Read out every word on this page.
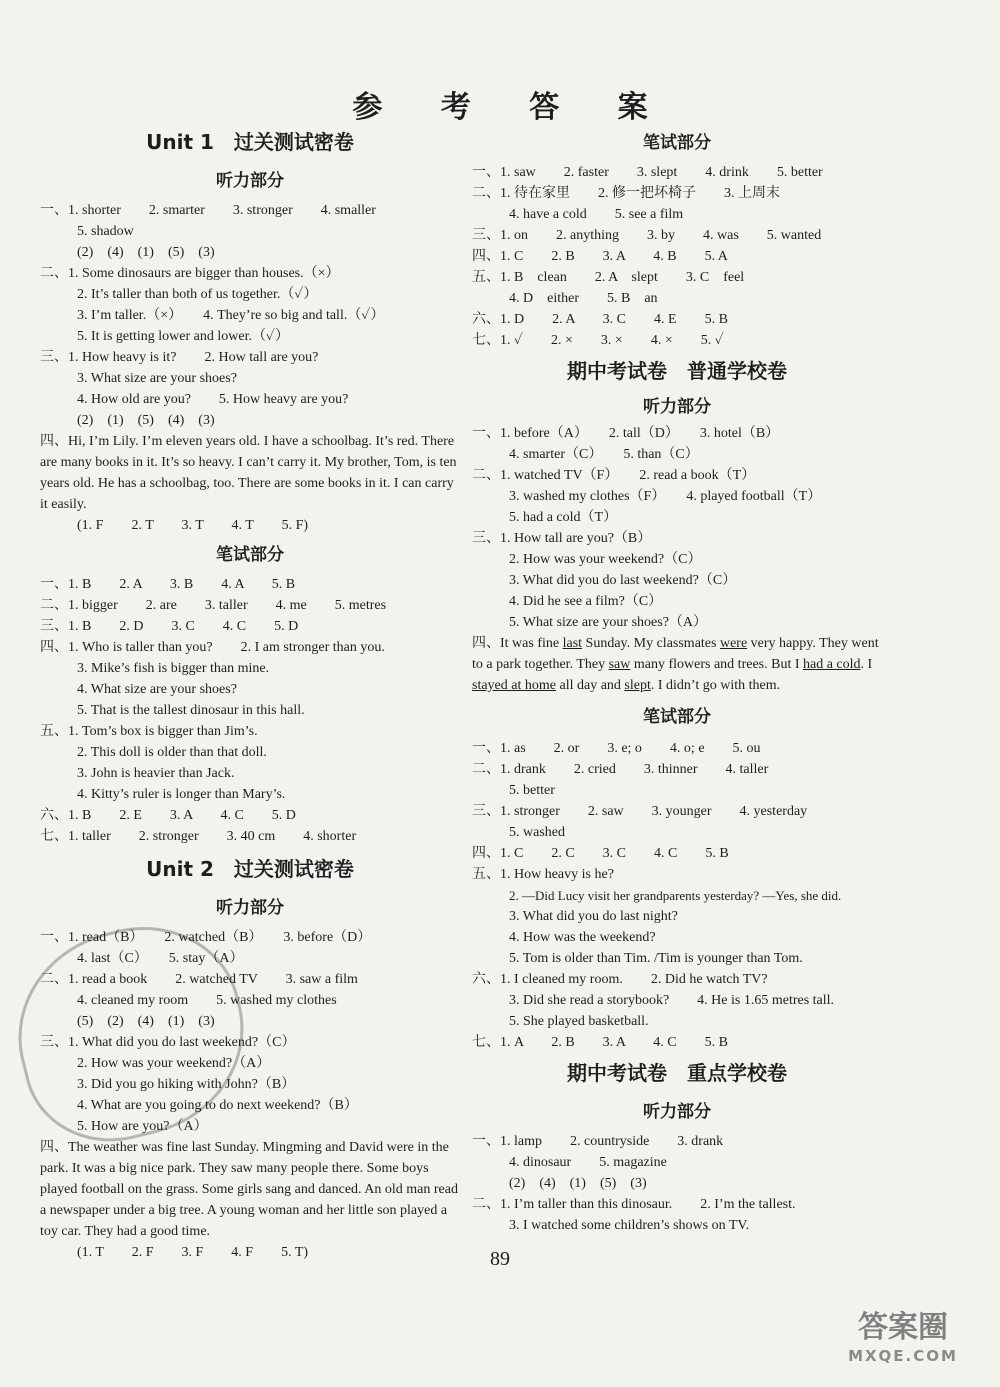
参 考 答 案
Unit 1　过关测试密卷
听力部分
一、1. shorter　　2. smarter　　3. stronger　　4. smaller
5. shadow
(2)　(4)　(1)　(5)　(3)
二、1. Some dinosaurs are bigger than houses.（×）
2. It’s taller than both of us together.（✓）
3. I’m taller.（×）　　4. They’re so big and tall.（✓）
5. It is getting lower and lower.（✓）
三、1. How heavy is it?　　2. How tall are you?
3. What size are your shoes?
4. How old are you?　　5. How heavy are you?
(2)　(1)　(5)　(4)　(3)
四、Hi, I’m Lily. I’m eleven years old. I have a schoolbag. It’s red. There are many books in it. It’s so heavy. I can’t carry it. My brother, Tom, is ten years old. He has a schoolbag, too. There are some books in it. I can carry it easily.
(1. F　　2. T　　3. T　　4. T　　5. F)
笔试部分
一、1. B　　2. A　　3. B　　4. A　　5. B
二、1. bigger　　2. are　　3. taller　　4. me　　5. metres
三、1. B　　2. D　　3. C　　4. C　　5. D
四、1. Who is taller than you?　　2. I am stronger than you.
3. Mike’s fish is bigger than mine.
4. What size are your shoes?
5. That is the tallest dinosaur in this hall.
五、1. Tom’s box is bigger than Jim’s.
2. This doll is older than that doll.
3. John is heavier than Jack.
4. Kitty’s ruler is longer than Mary’s.
六、1. B　　2. E　　3. A　　4. C　　5. D
七、1. taller　　2. stronger　　3. 40 cm　　4. shorter
Unit 2　过关测试密卷
听力部分
一、1. read（B）　　2. watched（B）　　3. before（D）
4. last（C）　　5. stay（A）
二、1. read a book　　2. watched TV　　3. saw a film
4. cleaned my room　　5. washed my clothes
(5)　(2)　(4)　(1)　(3)
三、1. What did you do last weekend?（C）
2. How was your weekend?（A）
3. Did you go hiking with John?（B）
4. What are you going to do next weekend?（B）
5. How are you?（A）
四、The weather was fine last Sunday. Mingming and David were in the park. It was a big nice park. They saw many people there. Some boys played football on the grass. Some girls sang and danced. An old man read a newspaper under a big tree. A young woman and her little son played a toy car. They had a good time.
(1. T　　2. F　　3. F　　4. F　　5. T)
笔试部分
一、1. saw　　2. faster　　3. slept　　4. drink　　5. better
二、1. 待在家里　　2. 修一把坏椅子　　3. 上周末
4. have a cold　　5. see a film
三、1. on　　2. anything　　3. by　　4. was　　5. wanted
四、1. C　　2. B　　3. A　　4. B　　5. A
五、1. B　clean　　2. A　slept　　3. C　feel
4. D　either　　5. B　an
六、1. D　　2. A　　3. C　　4. E　　5. B
七、1. ✓　　2. ×　　3. ×　　4. ×　　5. ✓
期中考试卷　普通学校卷
听力部分
一、1. before（A）　　2. tall（D）　　3. hotel（B）
4. smarter（C）　　5. than（C）
二、1. watched TV（F）　　2. read a book（T）
3. washed my clothes（F）　　4. played football（T）
5. had a cold（T）
三、1. How tall are you?（B）
2. How was your weekend?（C）
3. What did you do last weekend?（C）
4. Did he see a film?（C）
5. What size are your shoes?（A）
四、It was fine last Sunday. My classmates were very happy. They went to a park together. They saw many flowers and trees. But I had a cold. I stayed at home all day and slept. I didn’t go with them.
笔试部分
一、1. as　　2. or　　3. e; o　　4. o; e　　5. ou
二、1. drank　　2. cried　　3. thinner　　4. taller
5. better
三、1. stronger　　2. saw　　3. younger　　4. yesterday
5. washed
四、1. C　　2. C　　3. C　　4. C　　5. B
五、1. How heavy is he?
2. —Did Lucy visit her grandparents yesterday? —Yes, she did.
3. What did you do last night?
4. How was the weekend?
5. Tom is older than Tim. /Tim is younger than Tom.
六、1. I cleaned my room.　　2. Did he watch TV?
3. Did she read a storybook?　　4. He is 1.65 metres tall.
5. She played basketball.
七、1. A　　2. B　　3. A　　4. C　　5. B
期中考试卷　重点学校卷
听力部分
一、1. lamp　　2. countryside　　3. drank
4. dinosaur　　5. magazine
(2)　(4)　(1)　(5)　(3)
二、1. I’m taller than this dinosaur.　　2. I’m the tallest.
3. I watched some children’s shows on TV.
89
答案圈
MXQE.COM
